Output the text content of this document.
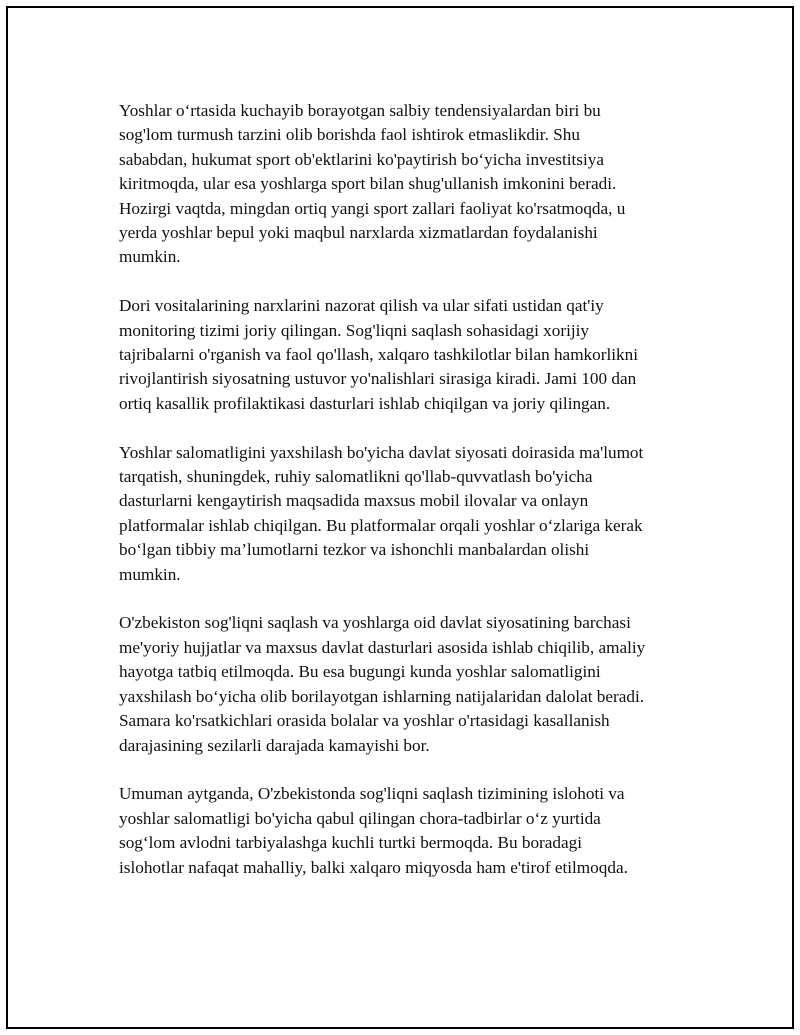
Yoshlar o‘rtasida kuchayib borayotgan salbiy tendensiyalardan biri bu
sog'lom turmush tarzini olib borishda faol ishtirok etmaslikdir. Shu
sababdan, hukumat sport ob'ektlarini ko'paytirish bo‘yicha investitsiya
kiritmoqda, ular esa yoshlarga sport bilan shug'ullanish imkonini beradi.
Hozirgi vaqtda, mingdan ortiq yangi sport zallari faoliyat ko'rsatmoqda, u
yerda yoshlar bepul yoki maqbul narxlarda xizmatlardan foydalanishi
mumkin.

Dori vositalarining narxlarini nazorat qilish va ular sifati ustidan qat'iy
monitoring tizimi joriy qilingan. Sog'liqni saqlash sohasidagi xorijiy
tajribalarni o'rganish va faol qo'llash, xalqaro tashkilotlar bilan hamkorlikni
rivojlantirish siyosatning ustuvor yo'nalishlari sirasiga kiradi. Jami 100 dan
ortiq kasallik profilaktikasi dasturlari ishlab chiqilgan va joriy qilingan.

Yoshlar salomatligini yaxshilash bo'yicha davlat siyosati doirasida ma'lumot
tarqatish, shuningdek, ruhiy salomatlikni qo'llab-quvvatlash bo'yicha
dasturlarni kengaytirish maqsadida maxsus mobil ilovalar va onlayn
platformalar ishlab chiqilgan. Bu platformalar orqali yoshlar o‘zlariga kerak
bo‘lgan tibbiy ma’lumotlarni tezkor va ishonchli manbalardan olishi
mumkin.

O'zbekiston sog'liqni saqlash va yoshlarga oid davlat siyosatining barchasi
me'yoriy hujjatlar va maxsus davlat dasturlari asosida ishlab chiqilib, amaliy
hayotga tatbiq etilmoqda. Bu esa bugungi kunda yoshlar salomatligini
yaxshilash bo‘yicha olib borilayotgan ishlarning natijalaridan dalolat beradi.
Samara ko'rsatkichlari orasida bolalar va yoshlar o'rtasidagi kasallanish
darajasining sezilarli darajada kamayishi bor.

Umuman aytganda, O'zbekistonda sog'liqni saqlash tizimining islohoti va
yoshlar salomatligi bo'yicha qabul qilingan chora-tadbirlar o‘z yurtida
sog‘lom avlodni tarbiyalashga kuchli turtki bermoqda. Bu boradagi
islohotlar nafaqat mahalliy, balki xalqaro miqyosda ham e'tirof etilmoqda.
